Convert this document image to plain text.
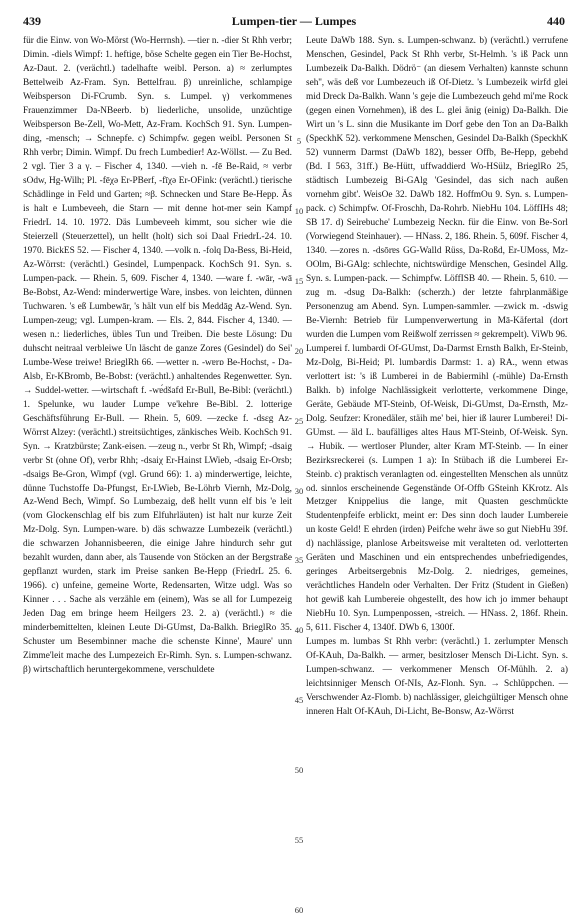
439	Lumpen-tier — Lumpes	440

für die Einw. von Wo-Mörst (Wo-Herrnsh). —tier n. -dier St Rhh verbr; Dimin. -diels Wimpf: 1. heftige, böse Schelte gegen ein Tier Be-Hochst, Az-Daut. 2. (verächtl.) tadelhafte weibl. Person. a) ≈ zerlumptes Bettelweib Az-Fram. Syn. Bettelfrau. β) unreinliche, schlampige Weibsperson Di-FCrumb. Syn. s. Lumpel. γ) verkommenes Frauenzimmer Da-NBeerb. b) liederliche, unsolide, unzüchtige Weibsperson Be-Zell, Wo-Mett, Az-Fram. KochSch 91. Syn. Lumpen-ding, -mensch; → Schnepfe. c) Schimpfw. gegen weibl. Personen St Rhh verbr; Dimin. Wimpf. Du frech Lumbedier! Az-Wöllst. — Zu Bed. 2 vgl. Tier 3 a γ. – Fischer 4, 1340. —vieh n. -fē Be-Raid, ≈ verbr sOdw, Hg-Wilh; Pl. -fēχə Er-PBerf, -fīχə Er-OFink: (verächtl.) tierische Schädlinge in Feld und Garten; ≈β. Schnecken und Stare Be-Hepp. Äs is halt e Lumbeveeh, die Starn — mit denne hot-mer sein Kampf FriedrL 14. 10. 1972. Däs Lumbeveeh kimmt, sou sicher wie die Steierzell (Steuerzettel), un hellt (holt) sich soi Daal FriedrL-24. 10. 1970. BickES 52. — Fischer 4, 1340. —volk n. -folq Da-Bess, Bi-Heid, Az-Wörrst: (verächtl.) Gesindel, Lumpenpack. KochSch 91. Syn. s. Lumpen-pack. — Rhein. 5, 609. Fischer 4, 1340. —ware f. -wār, -wā Be-Bobst, Az-Wend: minderwertige Ware, insbes. von leichten, dünnen Tuchwaren. 's eß Lumbewār, 's hält vun elf bis Meddāg Az-Wend. Syn. Lumpen-zeug; vgl. Lumpen-kram. — Els. 2, 844. Fischer 4, 1340. —wesen n.: liederliches, übles Tun und Treiben. Die beste Lösung: Du duhscht neitraal verbleiwe Un läscht de ganze Zores (Gesindel) do Sei' Lumbe-Wese treiwe! BrieglRh 66. —wetter n. -wɐrɒ Be-Hochst, - Da-Alsb, Er-KBromb, Be-Bobst: (verächtl.) anhaltendes Regenwetter. Syn. → Suddel-wetter. —wirtschaft f. -wɐ́dšafd Er-Bull, Be-Bibl: (verächtl.) 1. Spelunke, wu lauder Lumpe ve'kehre Be-Bibl. 2. lotterige Geschäftsführung Er-Bull. — Rhein. 5, 609. —zecke f. -dsɛg Az-Wörrst Alzey: (verächtl.) streitsüchtiges, zänkisches Weib. KochSch 91. Syn. → Kratzbürste; Zank-eisen. —zeug n., verbr St Rh, Wimpf; -dsaig verbr St (ohne Of), verbr Rhh; -dsaiχ Er-Hainst LWieb, -dsaig Er-Orsb; -dsaigs Be-Gron, Wimpf (vgl. Grund 66): 1. a) minderwertige, leichte, dünne Tuchstoffe Da-Pfungst, Er-LWieb, Be-Löhrb Viernh, Mz-Dolg, Az-Wend Bech, Wimpf. So Lumbezaig, deß hellt vunn elf bis 'e leit (vom Glockenschlag elf bis zum Elfuhrläuten) ist halt nur kurze Zeit Mz-Dolg. Syn. Lumpen-ware. b) däs schwazze Lumbezeik (verächtl.) die schwarzen Johannisbeeren, die einige Jahre hindurch sehr gut bezahlt wurden, dann aber, als Tausende von Stöcken an der Bergstraße gepflanzt wurden, stark im Preise sanken Be-Hepp (FriedrL 25. 6. 1966). c) unfeine, gemeine Worte, Redensarten, Witze udgl. Was so Kinner . . . Sache als verzähle em (einem), Was se all for Lumpezeig Jeden Dag em bringe heem Heilgers 23. 2. a) (verächtl.) ≈ die minderbemittelten, kleinen Leute Di-GUmst, Da-Balkh. BrieglRo 35. Schuster um Besembinner mache die schenste Kinne', Maure' unn Zimme'leit mache des Lumpezeich Er-Rimh. Syn. s. Lumpen-schwanz. β) wirtschaftlich heruntergekommene, verschuldete

5
10
15
20
25
30
35
40
45
50
55
60

Leute DaWb 188. Syn. s. Lumpen-schwanz. b) (verächtl.) verrufene Menschen, Gesindel, Pack St Rhh verbr, St-Helmh. 's iß Pack unn Lumbezeik Da-Balkh. Dödrö⁻ (an diesem Verhalten) kannste schunn seh'', wäs deß vor Lumbezeuch iß Of-Dietz. 's Lumbezeik wirfd glei mid Dreck Da-Balkh. Wann 's geje die Lumbezeuch gehd mi'me Rock (gegen einen Vornehmen), iß des L. glei änig (einig) Da-Balkh. Die Wirt un 's L. sinn die Musikante im Dorf gebe den Ton an Da-Balkh (SpeckhK 52). verkommene Menschen, Gesindel Da-Balkh (SpeckhK 52) vunnerm Darmst (DaWb 182), besser Offb, Be-Hepp, gebehd (Bd. I 563, 31ff.) Be-Hütt, uffwaddierd Wo-HSülz, BrieglRo 25, städtisch Lumbezeig Bi-GAlg 'Gesindel, das sich nach außen vornehm gibt'. WeisOe 32. DaWb 182. HoffmOu 9. Syn. s. Lumpen-pack. c) Schimpfw. Of-Froschh, Da-Rohrb. NiebHu 104. LöffIHs 48; SB 17. d) Seirebuche' Lumbezeig Neckn. für die Einw. von Be-Sorl (Vorwiegend Steinhauer). — HNass. 2, 186. Rhein. 5, 609f. Fischer 4, 1340. —zores n. -dsōrɐs GG-Walld Rüss, Da-Roßd, Er-UMoss, Mz-OOlm, Bi-GAlg: schlechte, nichtswürdige Menschen, Gesindel Allg. Syn. s. Lumpen-pack. — Schimpfw. LöffISB 40. — Rhein. 5, 610. —zug m. -dsug Da-Balkh: (scherzh.) der letzte fahrplanmäßige Personenzug am Abend. Syn. Lumpen-sammler. —zwick m. -dswig Be-Viernh: Betrieb für Lumpenverwertung in Mā-Käfertal (dort wurden die Lumpen vom Reißwolf zerrissen ≈ gekrempelt). ViWb 96.

Lumperei f. lumbərdi Of-GUmst, Da-Darmst Ernsth Balkh, Er-Steinb, Mz-Dolg, Bi-Heid; Pl. lumbərdis Darmst: 1. a) RA., wenn etwas verlottert ist: 's iß Lumberei in de Babiermihl (-mühle) Da-Ernsth Balkh. b) infolge Nachlässigkeit verlotterte, verkommene Dinge, Geräte, Gebäude MT-Steinb, Of-Weisk, Di-GUmst, Da-Ernsth, Mz-Dolg. Seufzer: Kronedäler, stäih me' bei, hier iß laurer Lumberei! Di-GUmst. — äld L. baufälliges altes Haus MT-Steinb, Of-Weisk. Syn. → Hubik. — wertloser Plunder, alter Kram MT-Steinb. — In einer Bezirksreckerei (s. Lumpen 1 a): In Stübach iß die Lumberei Er-Steinb. c) praktisch veranlagten od. eingestellten Menschen als unnütz od. sinnlos erscheinende Gegenstände Of-Offb GSteinh KKrotz. Als Metzger Knippelius die lange, mit Quasten geschmückte Studentenpfeife erblickt, meint er: Des sinn doch lauder Lumbereie un koste Geld! E ehrden (irden) Peifche wehr äwe so gut NiebHu 39f. d) nachlässige, planlose Arbeitsweise mit veralteten od. verlotterten Geräten und Maschinen und ein entsprechendes unbefriedigendes, geringes Arbeitsergebnis Mz-Dolg. 2. niedriges, gemeines, verächtliches Handeln oder Verhalten. Der Fritz (Student in Gießen) hot gewiß kah Lumbereie ohgestellt, des how ich jo immer behaupt NiebHu 10. Syn. Lumpenpossen, -streich. — HNass. 2, 186f. Rhein. 5, 611. Fischer 4, 1340f. DWb 6, 1300f.

Lumpes m. lumbəs St Rhh verbr: (verächtl.) 1. zerlumpter Mensch Of-KAuh, Da-Balkh. — armer, besitzloser Mensch Di-Licht. Syn. s. Lumpen-schwanz. — verkommener Mensch Of-Mühlh. 2. a) leichtsinniger Mensch Of-NIs, Az-Flonh. Syn. → Schlüppchen. — Verschwender Az-Flomb. b) nachlässiger, gleichgültiger Mensch ohne inneren Halt Of-KAuh, Di-Licht, Be-Bonsw, Az-Wörrst
